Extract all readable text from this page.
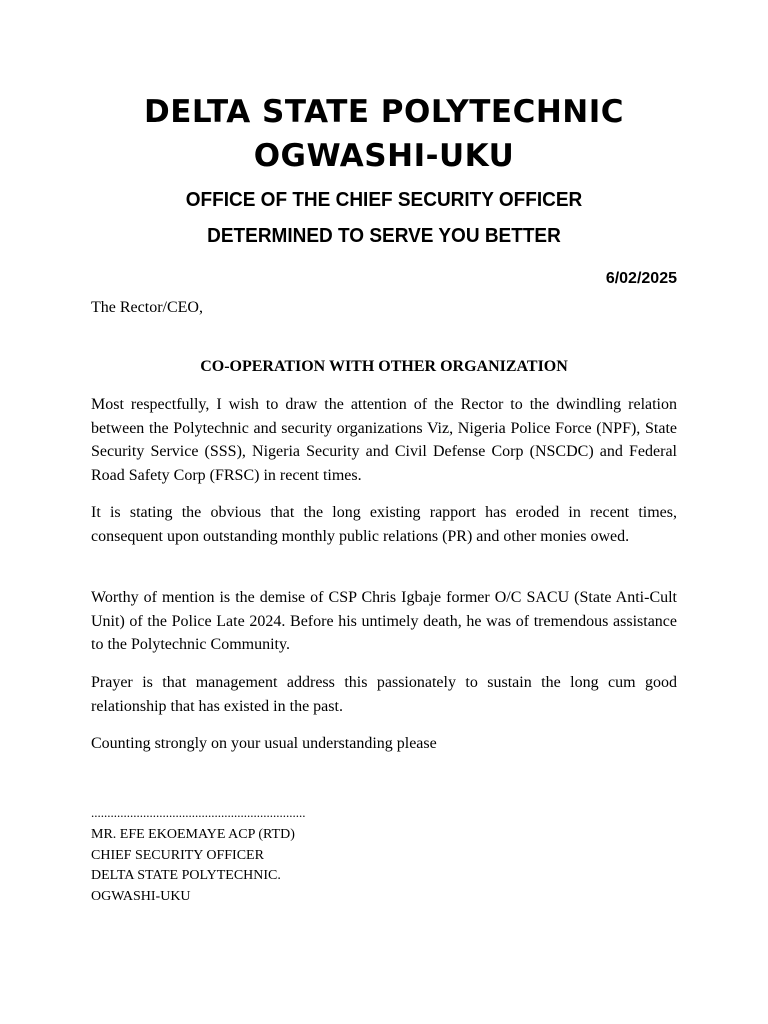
DELTA STATE POLYTECHNIC
OGWASHI-UKU
OFFICE OF THE CHIEF SECURITY OFFICER
DETERMINED TO SERVE YOU BETTER
6/02/2025
The Rector/CEO,
CO-OPERATION WITH OTHER ORGANIZATION

Most respectfully, I wish to draw the attention of the Rector to the dwindling relation between the Polytechnic and security organizations Viz, Nigeria Police Force (NPF), State Security Service (SSS), Nigeria Security and Civil Defense Corp (NSCDC) and Federal Road Safety Corp (FRSC) in recent times.

It is stating the obvious that the long existing rapport has eroded in recent times, consequent upon outstanding monthly public relations (PR) and other monies owed.

Worthy of mention is the demise of CSP Chris Igbaje former O/C SACU (State Anti-Cult Unit) of the Police Late 2024. Before his untimely death, he was of tremendous assistance to the Polytechnic Community.

Prayer is that management address this passionately to sustain the long cum good relationship that has existed in the past.

Counting strongly on your usual understanding please

..................................................................
MR. EFE EKOEMAYE ACP (RTD)
CHIEF SECURITY OFFICER
DELTA STATE POLYTECHNIC.
OGWASHI-UKU
